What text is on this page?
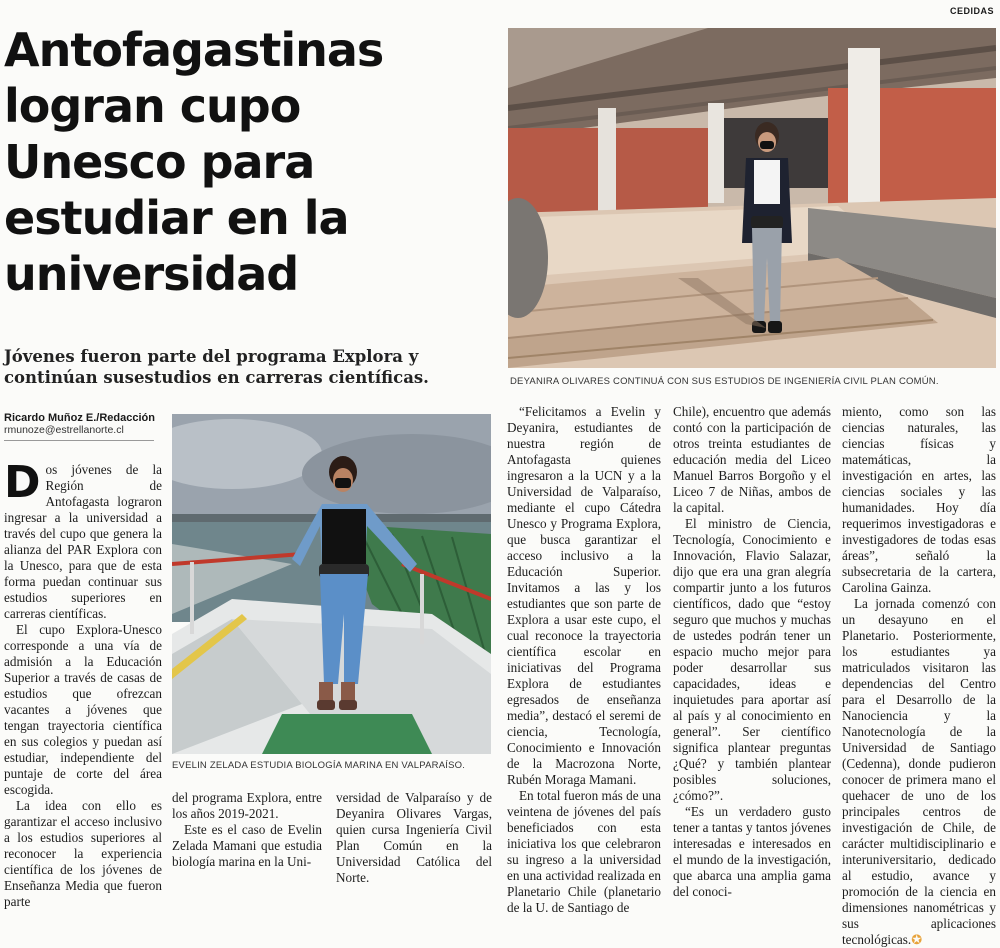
CEDIDAS
Antofagastinas
logran cupo
Unesco para
estudiar en la
universidad
Jóvenes fueron parte del programa Explora y continúan susestudios en carreras científicas.
Ricardo Muñoz E./Redacción
rmunoze@estrellanorte.cl
DEYANIRA OLIVARES CONTINUÁ CON SUS ESTUDIOS DE INGENIERÍA CIVIL PLAN COMÚN.
EVELIN ZELADA ESTUDIA BIOLOGÍA MARINA EN VALPARAÍSO.

Dos jóvenes de la Región de Antofagasta lograron ingresar a la universidad a través del cupo que genera la alianza del PAR Explora con la Unesco, para que de esta forma puedan continuar sus estudios superiores en carreras científicas.

El cupo Explora-Unesco corresponde a una vía de admisión a la Educación Superior a través de casas de estudios que ofrezcan vacantes a jóvenes que tengan trayectoria científica en sus colegios y puedan así estudiar, independiente del puntaje de corte del área escogida.

La idea con ello es garantizar el acceso inclusivo a los estudios superiores al reconocer la experiencia científica de los jóvenes de Enseñanza Media que fueron parte

del programa Explora, entre los años 2019-2021.

Este es el caso de Evelin Zelada Mamani que estudia biología marina en la Uni-

versidad de Valparaíso y de Deyanira Olivares Vargas, quien cursa Ingeniería Civil Plan Común en la Universidad Católica del Norte.

“Felicitamos a Evelin y Deyanira, estudiantes de nuestra región de Antofagasta quienes ingresaron a la UCN y a la Universidad de Valparaíso, mediante el cupo Cátedra Unesco y Programa Explora, que busca garantizar el acceso inclusivo a la Educación Superior. Invitamos a las y los estudiantes que son parte de Explora a usar este cupo, el cual reconoce la trayectoria científica escolar en iniciativas del Programa Explora de estudiantes egresados de enseñanza media”, destacó el seremi de ciencia, Tecnología, Conocimiento e Innovación de la Macrozona Norte, Rubén Moraga Mamani.

En total fueron más de una veintena de jóvenes del país beneficiados con esta iniciativa los que celebraron su ingreso a la universidad en una actividad realizada en Planetario Chile (planetario de la U. de Santiago de

Chile), encuentro que además contó con la participación de otros treinta estudiantes de educación media del Liceo Manuel Barros Borgoño y el Liceo 7 de Niñas, ambos de la capital.

El ministro de Ciencia, Tecnología, Conocimiento e Innovación, Flavio Salazar, dijo que era una gran alegría compartir junto a los futuros científicos, dado que “estoy seguro que muchos y muchas de ustedes podrán tener un espacio mucho mejor para poder desarrollar sus capacidades, ideas e inquietudes para aportar así al país y al conocimiento en general”. Ser científico significa plantear preguntas ¿Qué? y también plantear posibles soluciones, ¿cómo?”.

“Es un verdadero gusto tener a tantas y tantos jóvenes interesadas e interesados en el mundo de la investigación, que abarca una amplia gama del conoci-

miento, como son las ciencias naturales, las ciencias físicas y matemáticas, la investigación en artes, las ciencias sociales y las humanidades. Hoy día requerimos investigadoras e investigadores de todas esas áreas”, señaló la subsecretaria de la cartera, Carolina Gainza.

La jornada comenzó con un desayuno en el Planetario. Posteriormente, los estudiantes ya matriculados visitaron las dependencias del Centro para el Desarrollo de la Nanociencia y la Nanotecnología de la Universidad de Santiago (Cedenna), donde pudieron conocer de primera mano el quehacer de uno de los principales centros de investigación de Chile, de carácter multidisciplinario e interuniversitario, dedicado al estudio, avance y promoción de la ciencia en dimensiones nanométricas y sus aplicaciones tecnológicas.✪
